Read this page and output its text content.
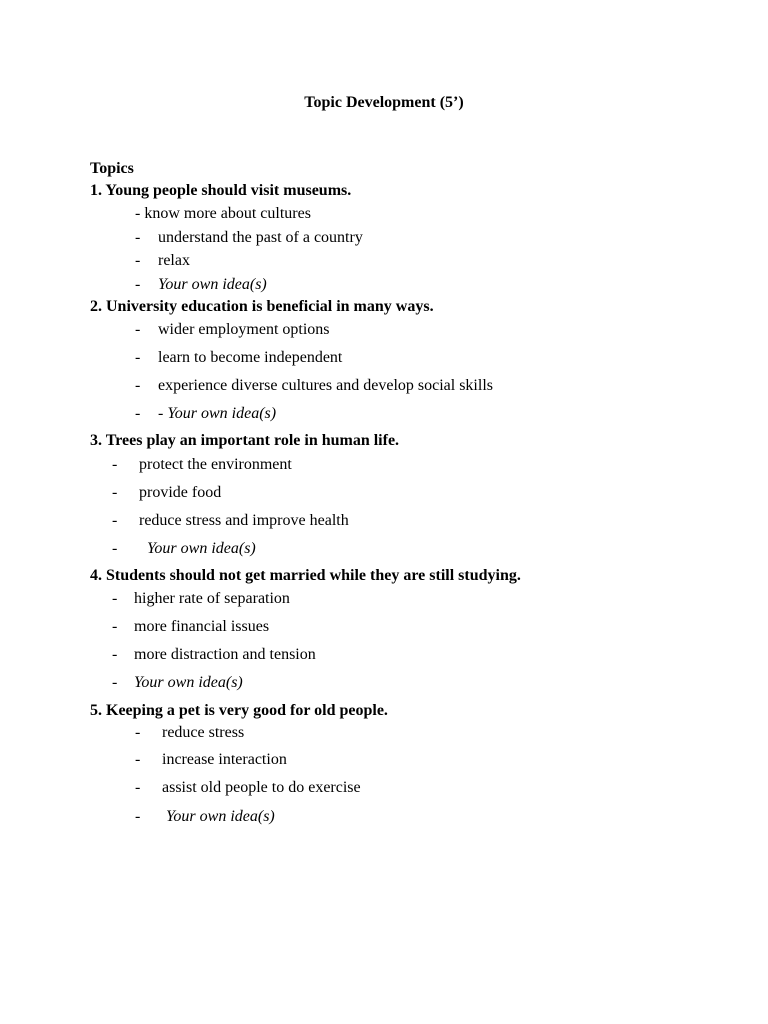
Topic Development (5’)
Topics
1. Young people should visit museums.
- know more about cultures
- understand the past of a country
- relax
- Your own idea(s)
2. University education is beneficial in many ways.
- wider employment options
- learn to become independent
- experience diverse cultures and develop social skills
- - Your own idea(s)
3. Trees play an important role in human life.
- protect the environment
- provide food
- reduce stress and improve health
- Your own idea(s)
4. Students should not get married while they are still studying.
- higher rate of separation
- more financial issues
- more distraction and tension
- Your own idea(s)
5. Keeping a pet is very good for old people.
- reduce stress
- increase interaction
- assist old people to do exercise
- Your own idea(s)
